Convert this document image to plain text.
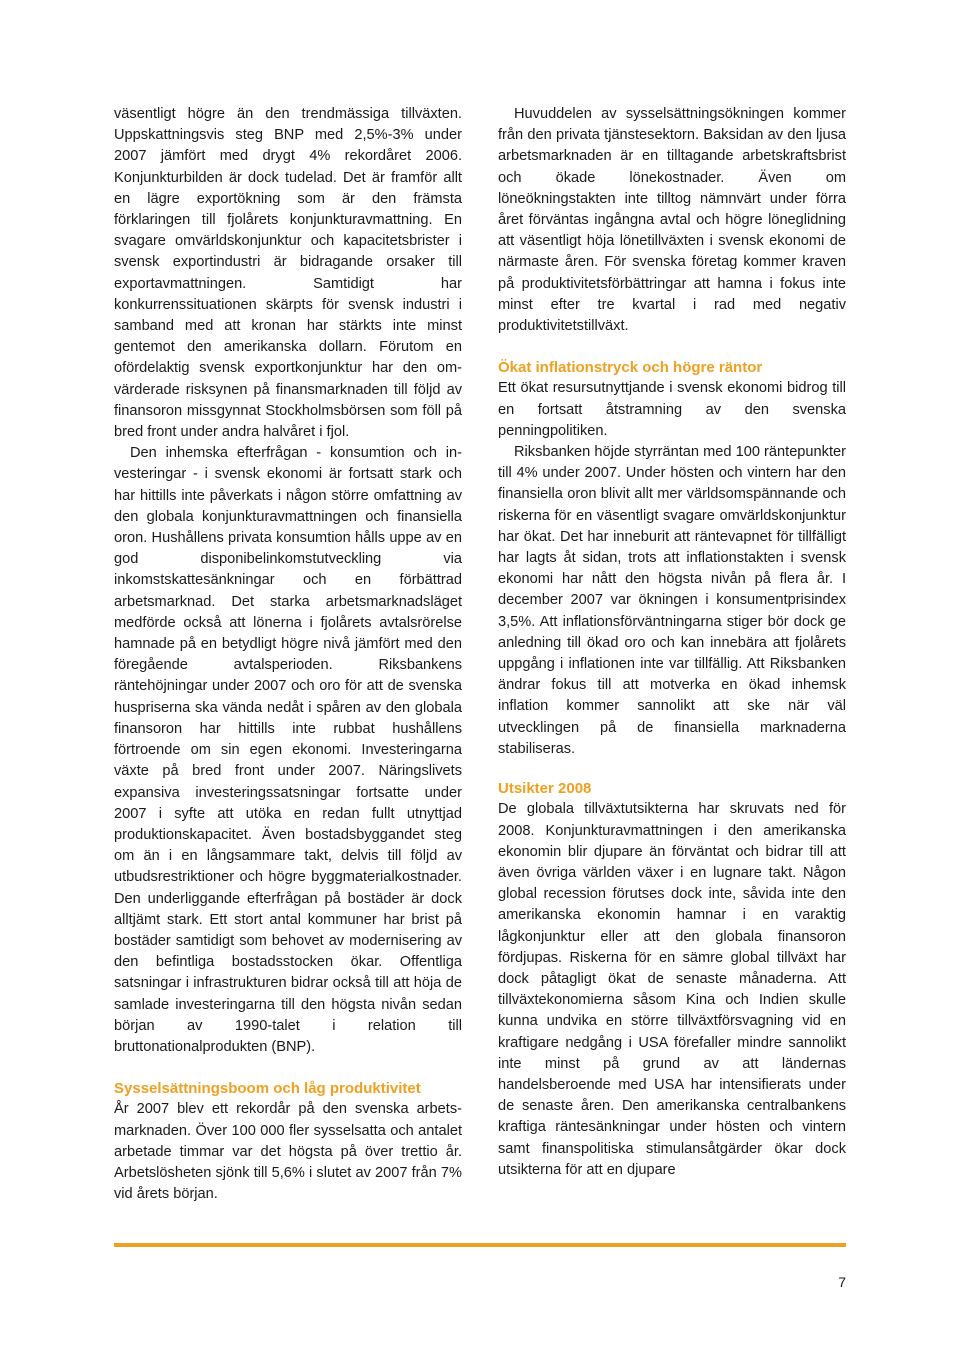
väsentligt högre än den trendmässiga tillväxten. Uppskattningsvis steg BNP med 2,5%-3% under 2007 jämfört med drygt 4% rekordåret 2006. Konjunkturbilden är dock tudelad. Det är framför allt en lägre exportökning som är den främsta förklaringen till fjolårets konjunkturavmattning. En svagare omvärldskonjunktur och kapacitetsbrister i svensk exportindustri är bidragande orsaker till exportavmattningen. Samtidigt har konkurrenssituationen skärpts för svensk industri i samband med att kronan har stärkts inte minst gentemot den amerikanska dollarn. Förutom en ofördelaktig svensk exportkonjunktur har den omvärderade risksynen på finansmarknaden till följd av finansoron missgynnat Stockholmsbörsen som föll på bred front under andra halvåret i fjol.

Den inhemska efterfrågan - konsumtion och investeringar - i svensk ekonomi är fortsatt stark och har hittills inte påverkats i någon större omfattning av den globala konjunkturavmattningen och finansiella oron. Hushållens privata konsumtion hålls uppe av en god disponibelinkomstutveckling via inkomstskattesänkningar och en förbättrad arbetsmarknad. Det starka arbetsmarknadsläget medförde också att lönerna i fjolårets avtalsrörelse hamnade på en betydligt högre nivå jämfört med den föregående avtalsperioden. Riksbankens räntehöjningar under 2007 och oro för att de svenska huspriserna ska vända nedåt i spåren av den globala finansoron har hittills inte rubbat hushållens förtroende om sin egen ekonomi. Investeringarna växte på bred front under 2007. Näringslivets expansiva investeringssatsningar fortsatte under 2007 i syfte att utöka en redan fullt utnyttjad produktionskapacitet. Även bostadsbyggandet steg om än i en långsammare takt, delvis till följd av utbudsrestriktioner och högre byggmaterialkostnader. Den underliggande efterfrågan på bostäder är dock alltjämt stark. Ett stort antal kommuner har brist på bostäder samtidigt som behovet av modernisering av den befintliga bostadsstocken ökar. Offentliga satsningar i infrastrukturen bidrar också till att höja de samlade investeringarna till den högsta nivån sedan början av 1990-talet i relation till bruttonationalprodukten (BNP).

Sysselsättningsboom och låg produktivitet

År 2007 blev ett rekordår på den svenska arbetsmarknaden. Över 100 000 fler sysselsatta och antalet arbetade timmar var det högsta på över trettio år. Arbetslösheten sjönk till 5,6% i slutet av 2007 från 7% vid årets början.

Huvuddelen av sysselsättningsökningen kommer från den privata tjänstesektorn. Baksidan av den ljusa arbetsmarknaden är en tilltagande arbetskraftsbrist och ökade lönekostnader. Även om löneökningstakten inte tilltog nämnvärt under förra året förväntas ingångna avtal och högre löneglidning att väsentligt höja lönetillväxten i svensk ekonomi de närmaste åren. För svenska företag kommer kraven på produktivitetsförbättringar att hamna i fokus inte minst efter tre kvartal i rad med negativ produktivitetstillväxt.

Ökat inflationstryck och högre räntor

Ett ökat resursutnyttjande i svensk ekonomi bidrog till en fortsatt åtstramning av den svenska penningpolitiken.

Riksbanken höjde styrräntan med 100 räntepunkter till 4% under 2007. Under hösten och vintern har den finansiella oron blivit allt mer världsomspännande och riskerna för en väsentligt svagare omvärldskonjunktur har ökat. Det har inneburit att räntevapnet för tillfälligt har lagts åt sidan, trots att inflationstakten i svensk ekonomi har nått den högsta nivån på flera år. I december 2007 var ökningen i konsumentprisindex 3,5%. Att inflationsförväntningarna stiger bör dock ge anledning till ökad oro och kan innebära att fjolårets uppgång i inflationen inte var tillfällig. Att Riksbanken ändrar fokus till att motverka en ökad inhemsk inflation kommer sannolikt att ske när väl utvecklingen på de finansiella marknaderna stabiliseras.

Utsikter 2008

De globala tillväxtutsikterna har skruvats ned för 2008. Konjunkturavmattningen i den amerikanska ekonomin blir djupare än förväntat och bidrar till att även övriga världen växer i en lugnare takt. Någon global recession förutses dock inte, såvida inte den amerikanska ekonomin hamnar i en varaktig lågkonjunktur eller att den globala finansoron fördjupas. Riskerna för en sämre global tillväxt har dock påtagligt ökat de senaste månaderna. Att tillväxtekonomierna såsom Kina och Indien skulle kunna undvika en större tillväxtförsvagning vid en kraftigare nedgång i USA förefaller mindre sannolikt inte minst på grund av att ländernas handelsberoende med USA har intensifierats under de senaste åren. Den amerikanska centralbankens kraftiga räntesänkningar under hösten och vintern samt finanspolitiska stimulansåtgärder ökar dock utsikterna för att en djupare

7
